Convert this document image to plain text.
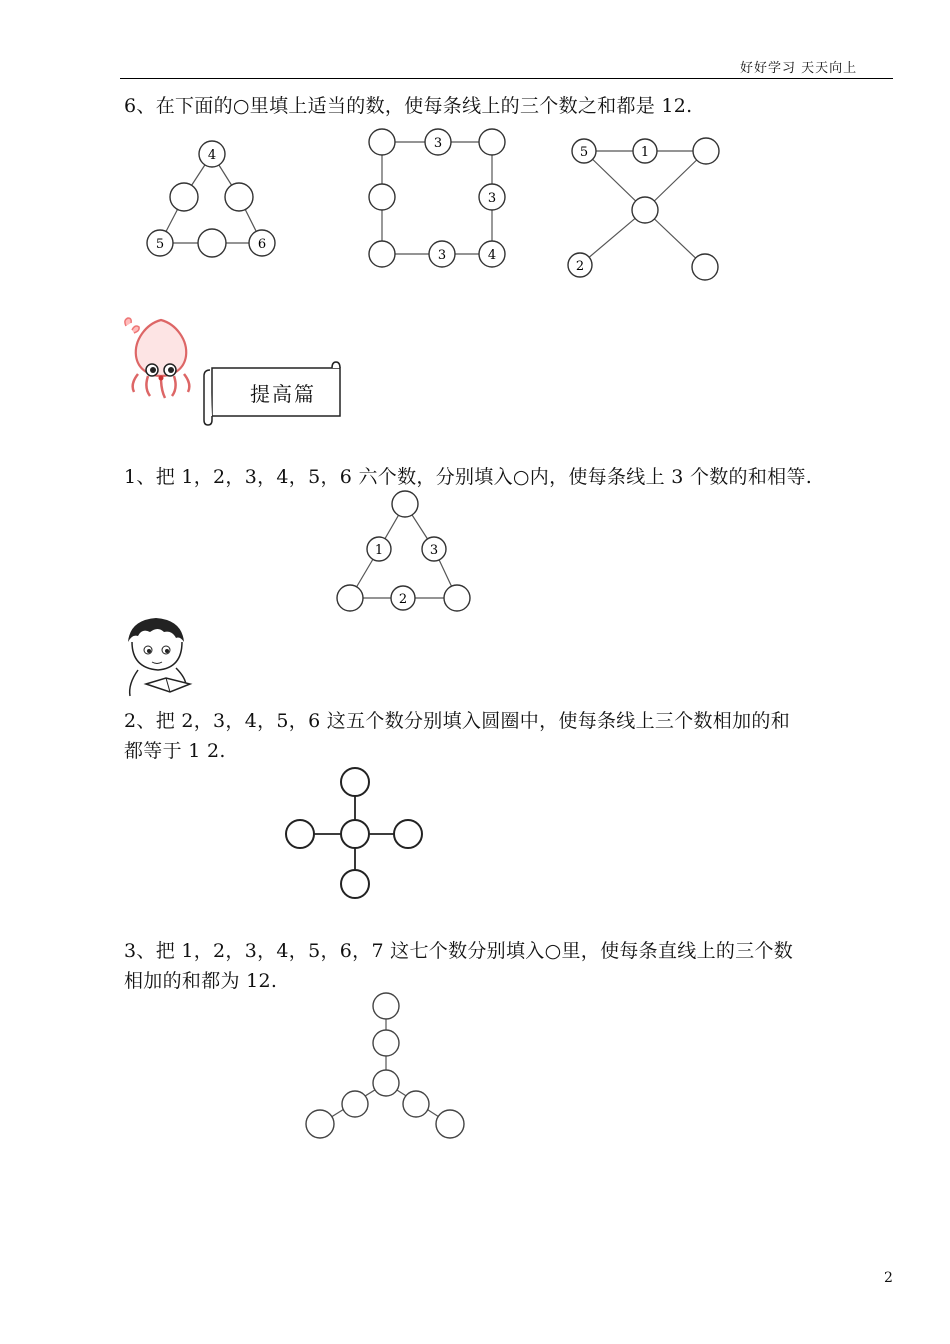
好好学习 天天向上
6、在下面的○里填上适当的数，使每条线上的三个数之和都是 12.
4
5	6
3
3
3	4
5	1
2
提高篇
1、把 1，2，3，4，5，6 六个数，分别填入○内，使每条线上 3 个数的和相等.
1	3
2
2、把 2，3，4，5，6 这五个数分别填入圆圈中，使每条线上三个数相加的和
都等于 1 2.
3、把 1，2，3，4，5，6，7 这七个数分别填入○里，使每条直线上的三个数
相加的和都为 12.
2
